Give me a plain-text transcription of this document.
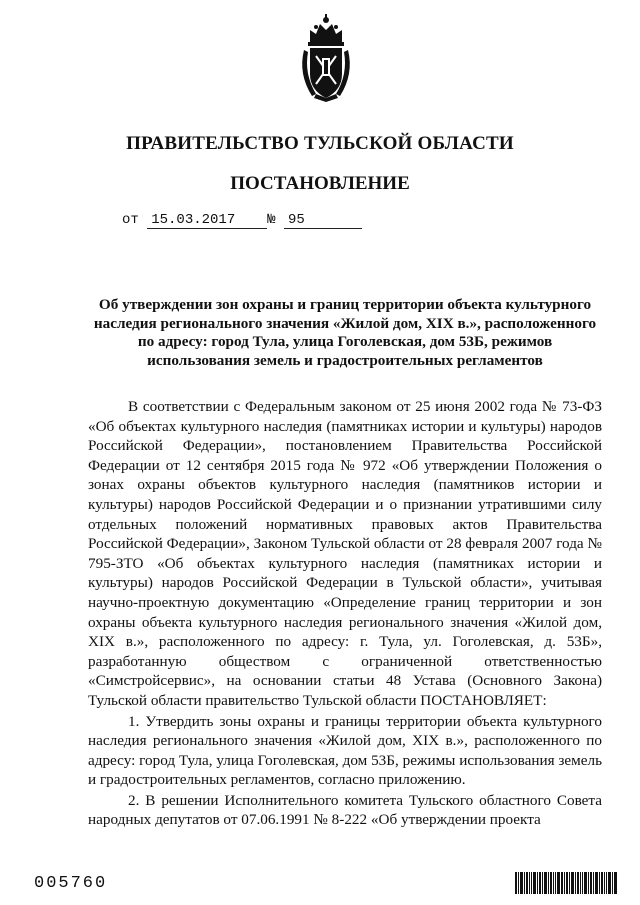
ПРАВИТЕЛЬСТВО ТУЛЬСКОЙ ОБЛАСТИ
ПОСТАНОВЛЕНИЕ
от 15.03.2017 № 95
Об утверждении зон охраны и границ территории объекта культурного наследия регионального значения «Жилой дом, XIX в.», расположенного по адресу: город Тула, улица Гоголевская, дом 53Б, режимов использования земель и градостроительных регламентов

В соответствии с Федеральным законом от 25 июня 2002 года № 73-ФЗ «Об объектах культурного наследия (памятниках истории и культуры) народов Российской Федерации», постановлением Правительства Российской Федерации от 12 сентября 2015 года № 972 «Об утверждении Положения о зонах охраны объектов культурного наследия (памятников истории и культуры) народов Российской Федерации и о признании утратившими силу отдельных положений нормативных правовых актов Правительства Российской Федерации», Законом Тульской области от 28 февраля 2007 года № 795-ЗТО «Об объектах культурного наследия (памятниках истории и культуры) народов Российской Федерации в Тульской области», учитывая научно-проектную документацию «Определение границ территории и зон охраны объекта культурного наследия регионального значения «Жилой дом, XIX в.», расположенного по адресу: г. Тула, ул. Гоголевская, д. 53Б», разработанную обществом с ограниченной ответственностью «Симстройсервис», на основании статьи 48 Устава (Основного Закона) Тульской области правительство Тульской области ПОСТАНОВЛЯЕТ:

1. Утвердить зоны охраны и границы территории объекта культурного наследия регионального значения «Жилой дом, XIX в.», расположенного по адресу: город Тула, улица Гоголевская, дом 53Б, режимы использования земель и градостроительных регламентов, согласно приложению.

2. В решении Исполнительного комитета Тульского областного Совета народных депутатов от 07.06.1991 № 8-222 «Об утверждении проекта

005760
